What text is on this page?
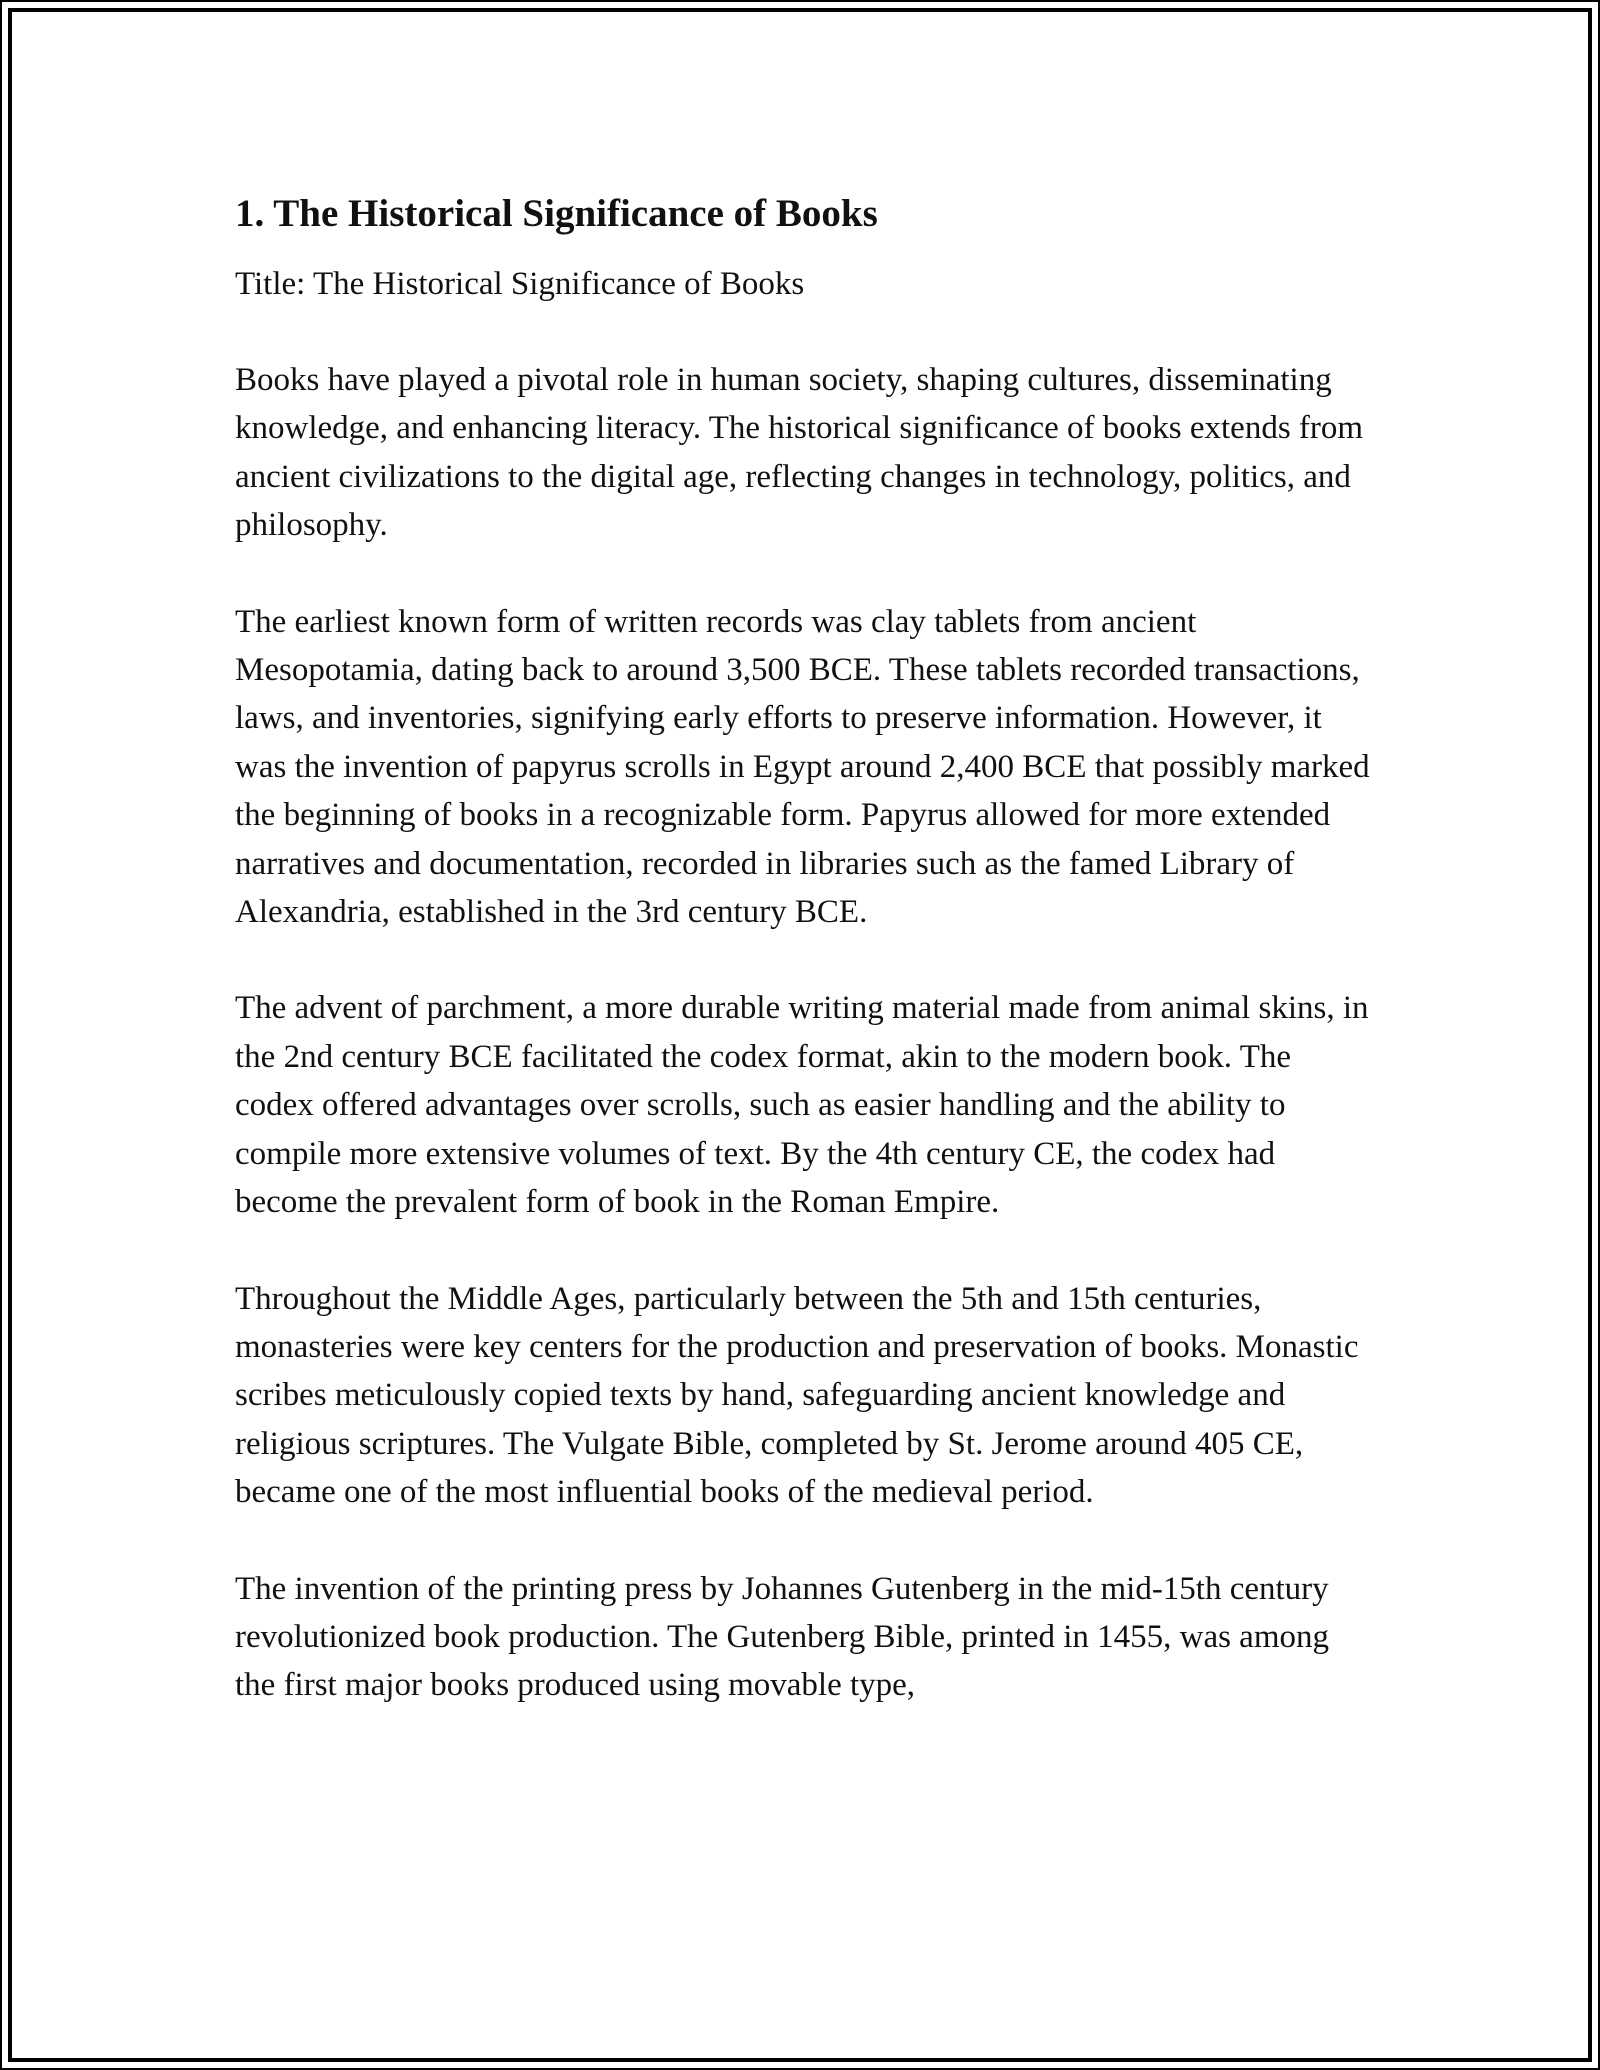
1. The Historical Significance of Books

Title: The Historical Significance of Books

Books have played a pivotal role in human society, shaping cultures, disseminating knowledge, and enhancing literacy. The historical significance of books extends from ancient civilizations to the digital age, reflecting changes in technology, politics, and philosophy.

The earliest known form of written records was clay tablets from ancient Mesopotamia, dating back to around 3,500 BCE. These tablets recorded transactions, laws, and inventories, signifying early efforts to preserve information. However, it was the invention of papyrus scrolls in Egypt around 2,400 BCE that possibly marked the beginning of books in a recognizable form. Papyrus allowed for more extended narratives and documentation, recorded in libraries such as the famed Library of Alexandria, established in the 3rd century BCE.

The advent of parchment, a more durable writing material made from animal skins, in the 2nd century BCE facilitated the codex format, akin to the modern book. The codex offered advantages over scrolls, such as easier handling and the ability to compile more extensive volumes of text. By the 4th century CE, the codex had become the prevalent form of book in the Roman Empire.

Throughout the Middle Ages, particularly between the 5th and 15th centuries, monasteries were key centers for the production and preservation of books. Monastic scribes meticulously copied texts by hand, safeguarding ancient knowledge and religious scriptures. The Vulgate Bible, completed by St. Jerome around 405 CE, became one of the most influential books of the medieval period.

The invention of the printing press by Johannes Gutenberg in the mid-15th century revolutionized book production. The Gutenberg Bible, printed in 1455, was among the first major books produced using movable type,
